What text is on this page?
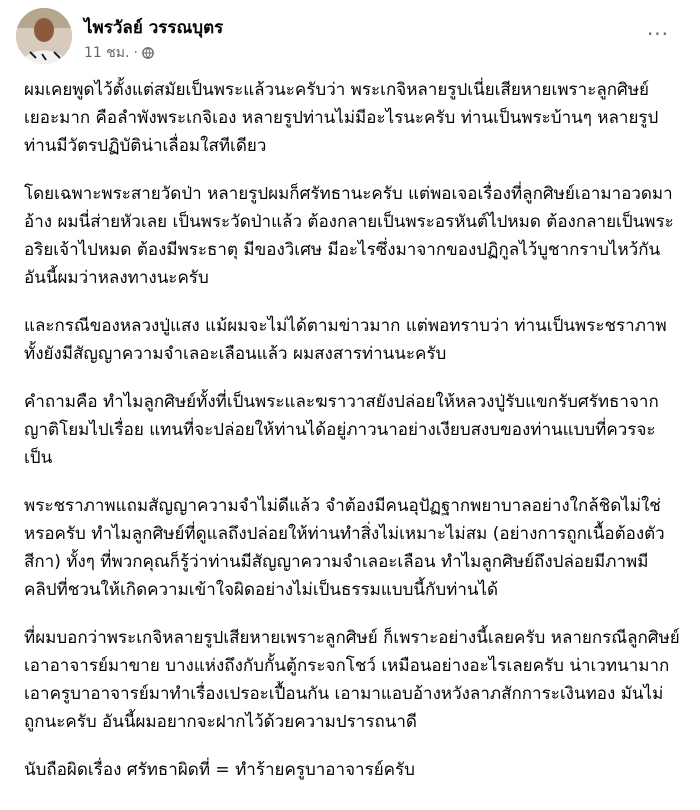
ไพรวัลย์ วรรณบุตร
11 ชม. ·
···

ผมเคยพูดไว้ตั้งแต่สมัยเป็นพระแล้วนะครับว่า พระเกจิหลายรูปเนี่ยเสียหายเพราะลูกศิษย์เยอะมาก คือลำพังพระเกจิเอง หลายรูปท่านไม่มีอะไรนะครับ ท่านเป็นพระบ้านๆ หลายรูปท่านมีวัตรปฏิบัติน่าเลื่อมใสทีเดียว

โดยเฉพาะพระสายวัดป่า หลายรูปผมก็ศรัทธานะครับ แต่พอเจอเรื่องที่ลูกศิษย์เอามาอวดมาอ้าง ผมนี่ส่ายหัวเลย เป็นพระวัดป่าแล้ว ต้องกลายเป็นพระอรหันต์ไปหมด ต้องกลายเป็นพระอริยเจ้าไปหมด ต้องมีพระธาตุ มีของวิเศษ มีอะไรซึ่งมาจากของปฏิกูลไว้บูชากราบไหว้กัน อันนี้ผมว่าหลงทางนะครับ

และกรณีของหลวงปู่แสง แม้ผมจะไม่ได้ตามข่าวมาก แต่พอทราบว่า ท่านเป็นพระชราภาพ ทั้งยังมีสัญญาความจำเลอะเลือนแล้ว ผมสงสารท่านนะครับ

คำถามคือ ทำไมลูกศิษย์ทั้งที่เป็นพระและฆราวาสยังปล่อยให้หลวงปู่รับแขกรับศรัทธาจากญาติโยมไปเรื่อย แทนที่จะปล่อยให้ท่านได้อยู่ภาวนาอย่างเงียบสงบของท่านแบบที่ควรจะเป็น

พระชราภาพแถมสัญญาความจำไม่ดีแล้ว จำต้องมีคนอุปัฏฐากพยาบาลอย่างใกล้ชิดไม่ใช่หรอครับ ทำไมลูกศิษย์ที่ดูแลถึงปล่อยให้ท่านทำสิ่งไม่เหมาะไม่สม (อย่างการถูกเนื้อต้องตัวสีกา) ทั้งๆ ที่พวกคุณก็รู้ว่าท่านมีสัญญาความจำเลอะเลือน ทำไมลูกศิษย์ถึงปล่อยมีภาพมีคลิปที่ชวนให้เกิดความเข้าใจผิดอย่างไม่เป็นธรรมแบบนี้กับท่านได้

ที่ผมบอกว่าพระเกจิหลายรูปเสียหายเพราะลูกศิษย์ ก็เพราะอย่างนี้เลยครับ หลายกรณีลูกศิษย์เอาอาจารย์มาขาย บางแห่งถึงกับกั้นตู้กระจกโชว์ เหมือนอย่างอะไรเลยครับ น่าเวทนามาก เอาครูบาอาจารย์มาทำเรื่องเปรอะเปื้อนกัน เอามาแอบอ้างหวังลาภสักการะเงินทอง มันไม่ถูกนะครับ อันนี้ผมอยากจะฝากไว้ด้วยความปรารถนาดี

นับถือผิดเรื่อง ศรัทธาผิดที่ = ทำร้ายครูบาอาจารย์ครับ
